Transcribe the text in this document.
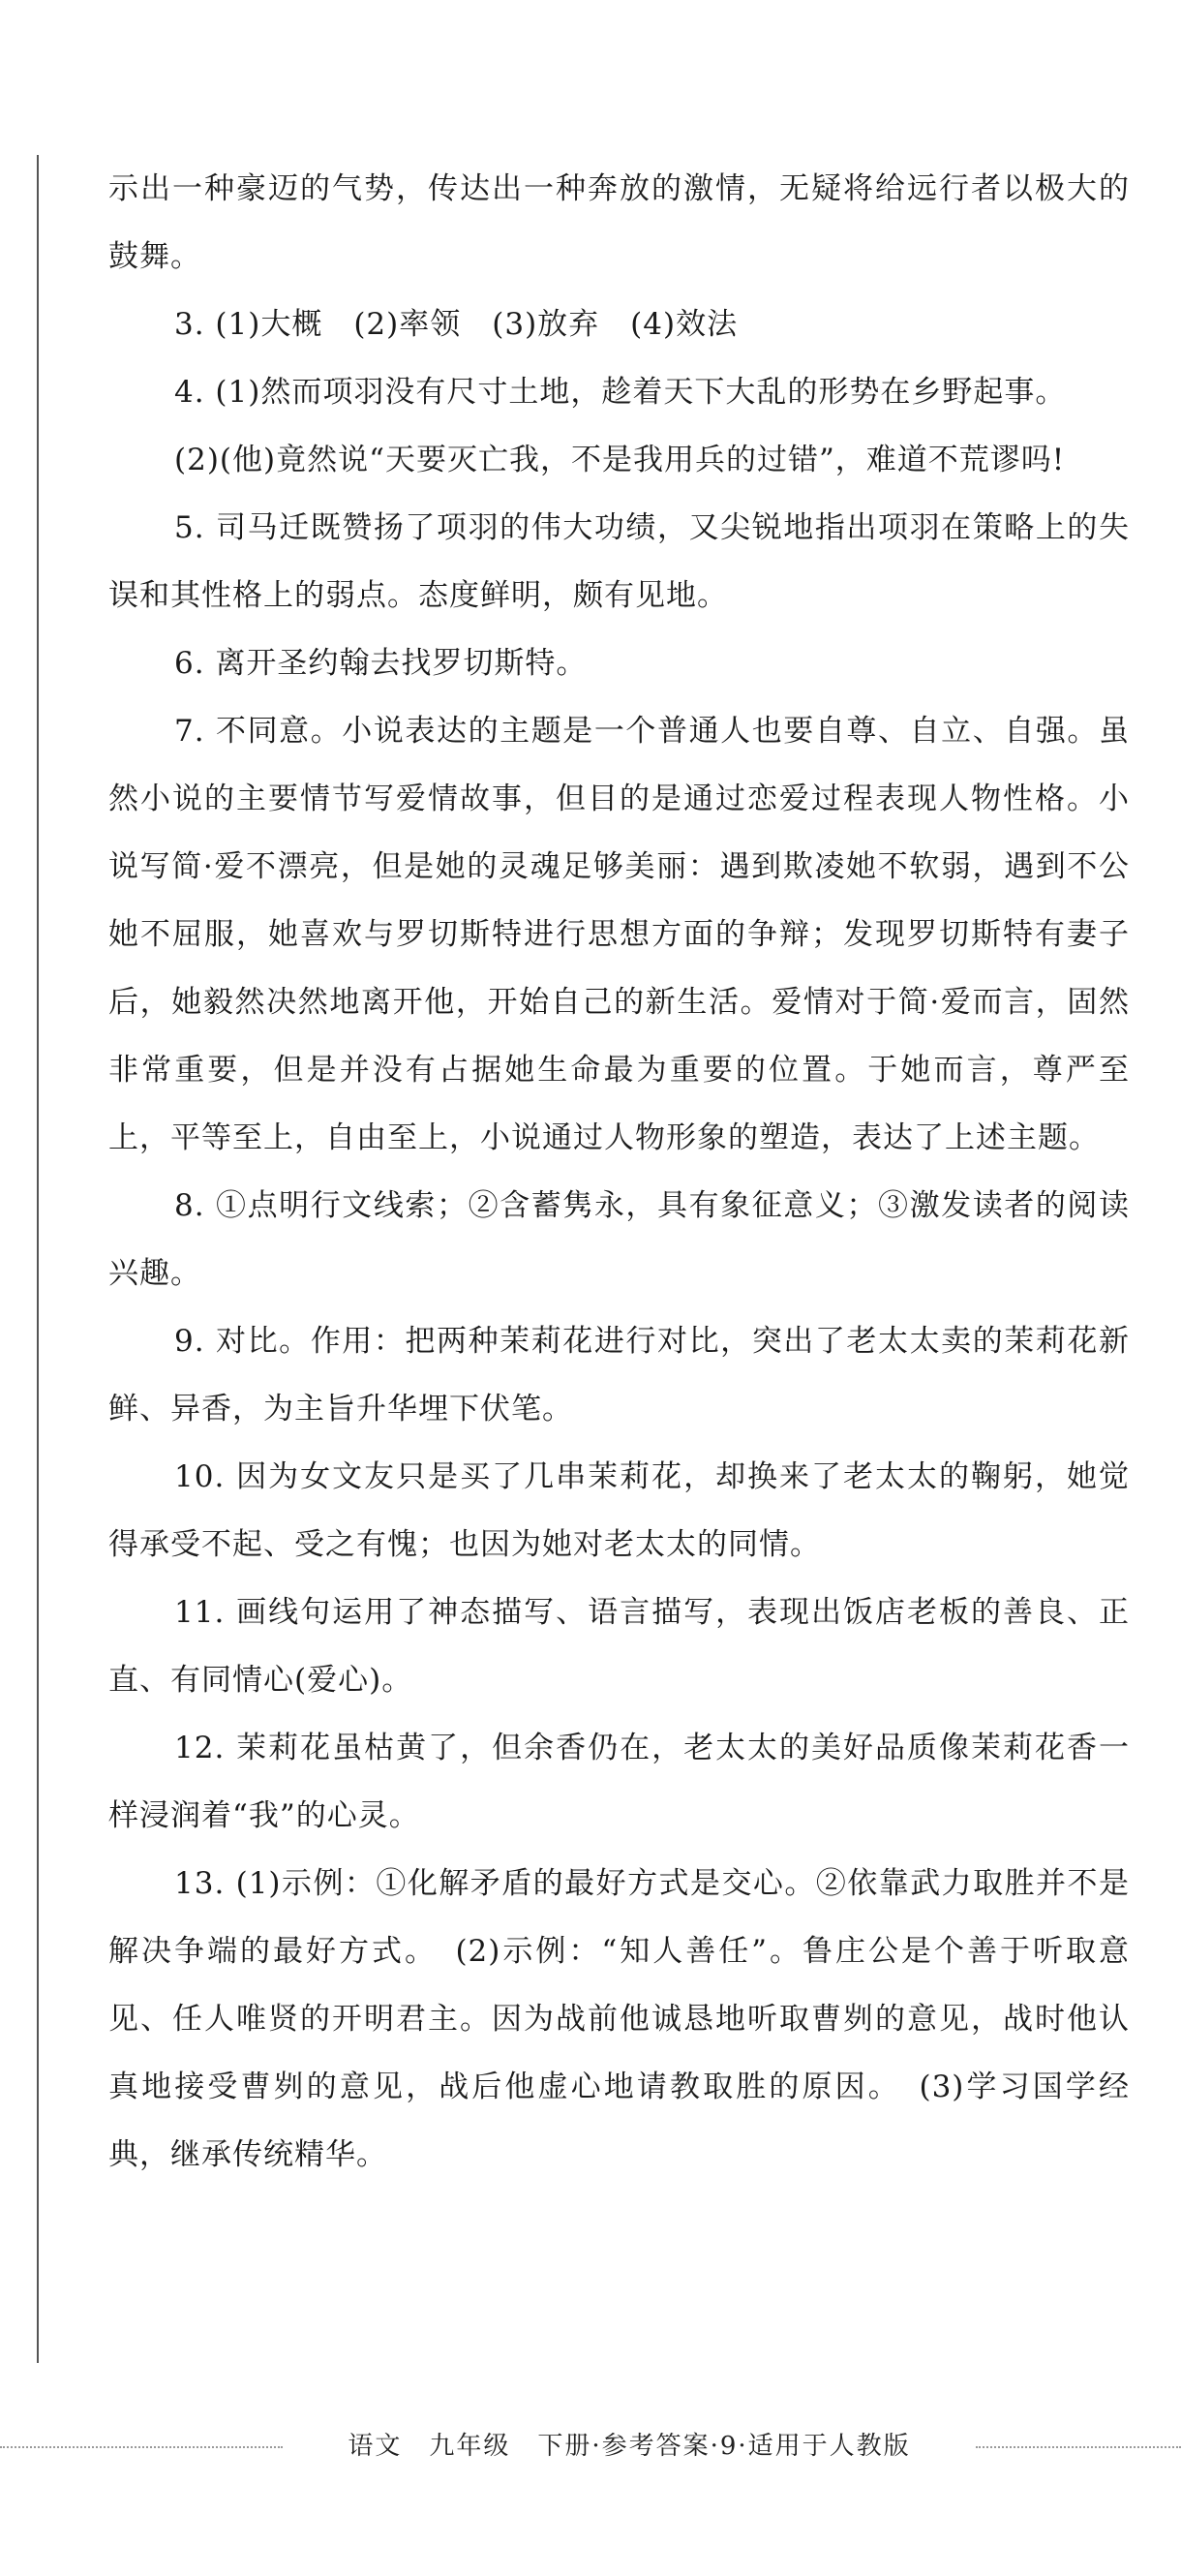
示出一种豪迈的气势，传达出一种奔放的激情，无疑将给远行者以极大的鼓舞。

3. (1)大概　(2)率领　(3)放弃　(4)效法

4. (1)然而项羽没有尺寸土地，趁着天下大乱的形势在乡野起事。

(2)(他)竟然说“天要灭亡我，不是我用兵的过错”，难道不荒谬吗!

5. 司马迁既赞扬了项羽的伟大功绩，又尖锐地指出项羽在策略上的失误和其性格上的弱点。态度鲜明，颇有见地。

6. 离开圣约翰去找罗切斯特。

7. 不同意。小说表达的主题是一个普通人也要自尊、自立、自强。虽然小说的主要情节写爱情故事，但目的是通过恋爱过程表现人物性格。小说写简·爱不漂亮，但是她的灵魂足够美丽：遇到欺凌她不软弱，遇到不公她不屈服，她喜欢与罗切斯特进行思想方面的争辩；发现罗切斯特有妻子后，她毅然决然地离开他，开始自己的新生活。爱情对于简·爱而言，固然非常重要，但是并没有占据她生命最为重要的位置。于她而言，尊严至上，平等至上，自由至上，小说通过人物形象的塑造，表达了上述主题。

8. ①点明行文线索；②含蓄隽永，具有象征意义；③激发读者的阅读兴趣。

9. 对比。作用：把两种茉莉花进行对比，突出了老太太卖的茉莉花新鲜、异香，为主旨升华埋下伏笔。

10. 因为女文友只是买了几串茉莉花，却换来了老太太的鞠躬，她觉得承受不起、受之有愧；也因为她对老太太的同情。

11. 画线句运用了神态描写、语言描写，表现出饭店老板的善良、正直、有同情心(爱心)。

12. 茉莉花虽枯黄了，但余香仍在，老太太的美好品质像茉莉花香一样浸润着“我”的心灵。

13. (1)示例：①化解矛盾的最好方式是交心。②依靠武力取胜并不是解决争端的最好方式。　(2)示例：“知人善任”。鲁庄公是个善于听取意见、任人唯贤的开明君主。因为战前他诚恳地听取曹刿的意见，战时他认真地接受曹刿的意见，战后他虚心地请教取胜的原因。　(3)学习国学经典，继承传统精华。

语文　九年级　下册·参考答案·9·适用于人教版
